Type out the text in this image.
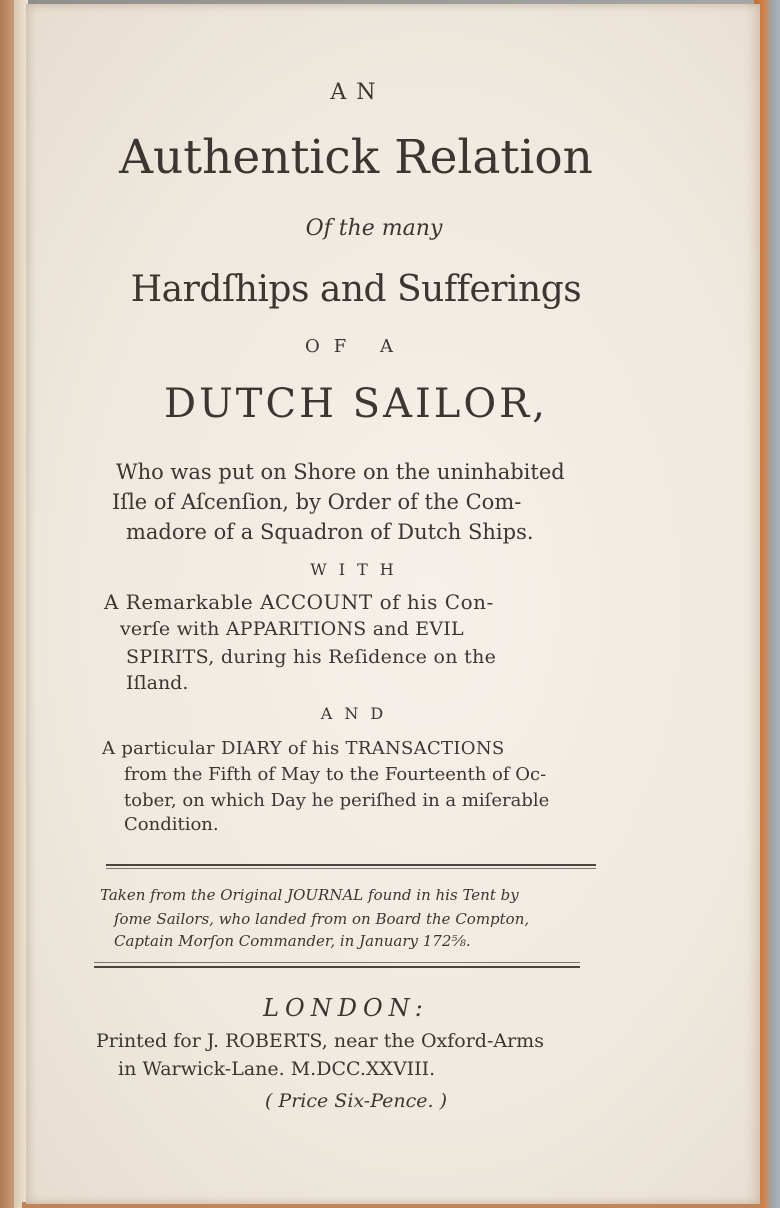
AN
Authentick Relation
Of the many
Hardſhips and Sufferings
OF A
DUTCH SAILOR,
Who was put on Shore on the uninhabited
Iſle of Aſcenſion, by Order of the Com-
madore of a Squadron of Dutch Ships.
WITH
A Remarkable ACCOUNT of his Con-
verſe with APPARITIONS and EVIL
SPIRITS, during his Reſidence on the
Iſland.
AND
A particular DIARY of his TRANSACTIONS
from the Fifth of May to the Fourteenth of Oc-
tober, on which Day he periſhed in a miſerable
Condition.
Taken from the Original JOURNAL found in his Tent by
ſome Sailors, who landed from on Board the Compton,
Captain Morſon Commander, in January 172⅝.
LONDON:
Printed for J. ROBERTS, near the Oxford-Arms
in Warwick-Lane. M.DCC.XXVIII.
( Price Six-Pence. )
